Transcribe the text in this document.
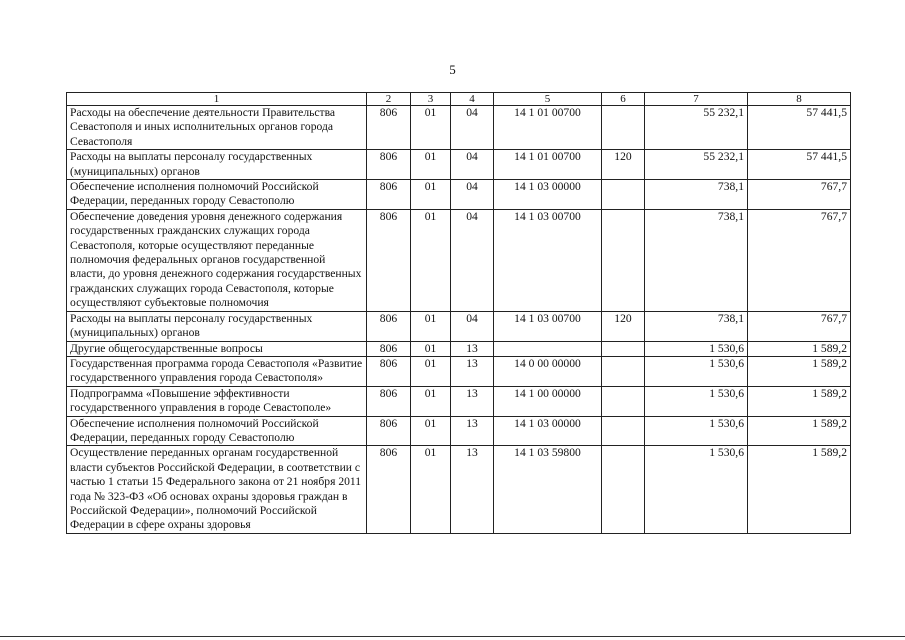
5
1	2	3	4	5	6	7	8
Расходы на обеспечение деятельности Правительства Севастополя и иных исполнительных органов города Севастополя	806	01	04	14 1 01 00700		55 232,1	57 441,5
Расходы на выплаты персоналу государственных (муниципальных) органов	806	01	04	14 1 01 00700	120	55 232,1	57 441,5
Обеспечение исполнения полномочий Российской Федерации, переданных городу Севастополю	806	01	04	14 1 03 00000		738,1	767,7
Обеспечение доведения уровня денежного содержания государственных гражданских служащих города Севастополя, которые осуществляют переданные полномочия федеральных органов государственной власти, до уровня денежного содержания государственных гражданских служащих города Севастополя, которые осуществляют субъектовые полномочия	806	01	04	14 1 03 00700		738,1	767,7
Расходы на выплаты персоналу государственных (муниципальных) органов	806	01	04	14 1 03 00700	120	738,1	767,7
Другие общегосударственные вопросы	806	01	13			1 530,6	1 589,2
Государственная программа города Севастополя «Развитие государственного управления города Севастополя»	806	01	13	14 0 00 00000		1 530,6	1 589,2
Подпрограмма «Повышение эффективности государственного управления в городе Севастополе»	806	01	13	14 1 00 00000		1 530,6	1 589,2
Обеспечение исполнения полномочий Российской Федерации, переданных городу Севастополю	806	01	13	14 1 03 00000		1 530,6	1 589,2
Осуществление переданных органам государственной власти субъектов Российской Федерации, в соответствии с частью 1 статьи 15 Федерального закона от 21 ноября 2011 года № 323-ФЗ «Об основах охраны здоровья граждан в Российской Федерации», полномочий Российской Федерации в сфере охраны здоровья	806	01	13	14 1 03 59800		1 530,6	1 589,2
